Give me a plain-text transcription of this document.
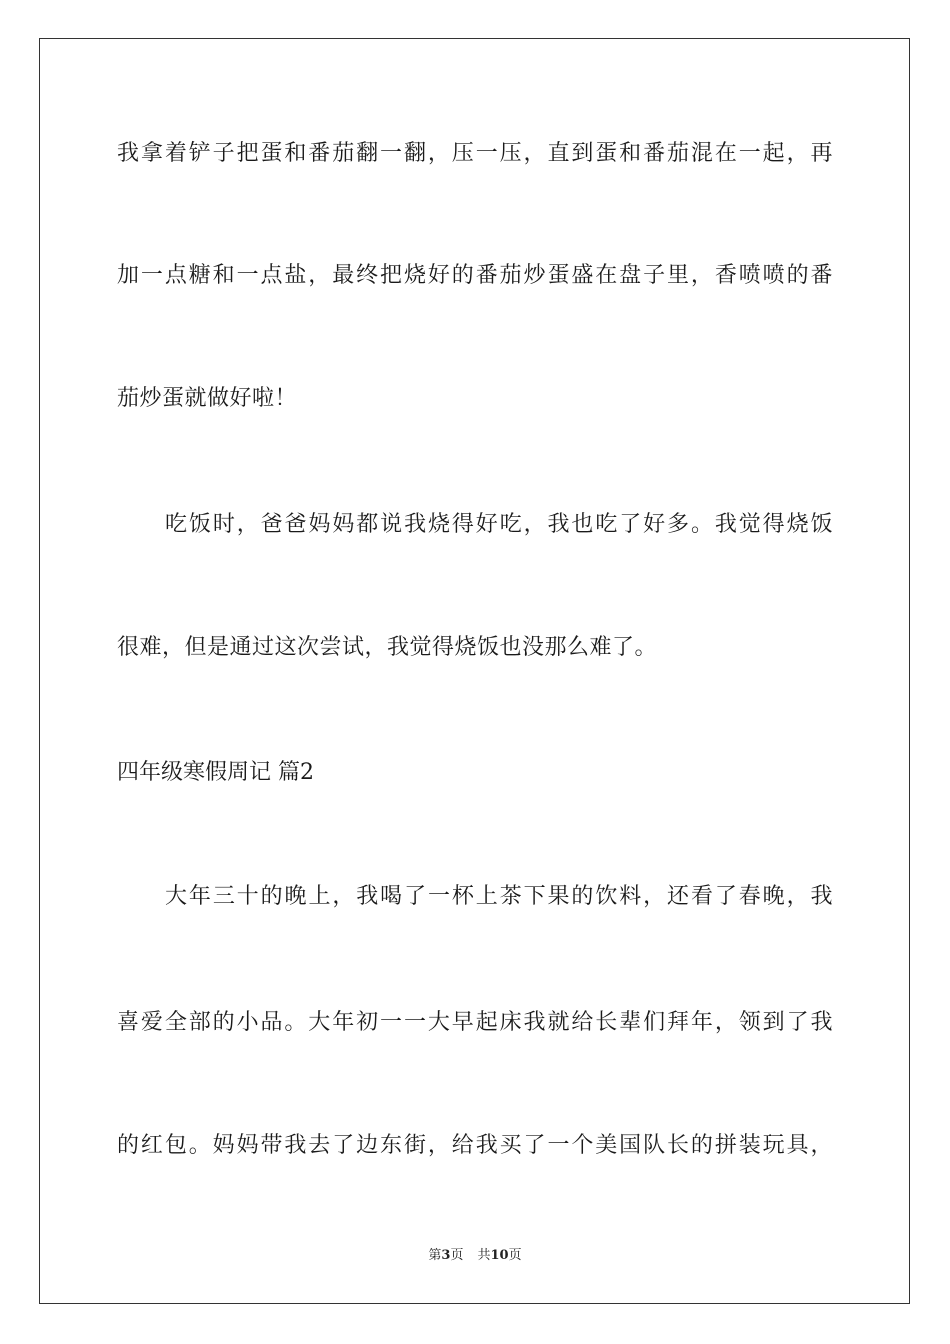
我拿着铲子把蛋和番茄翻一翻，压一压，直到蛋和番茄混在一起，再
加一点糖和一点盐，最终把烧好的番茄炒蛋盛在盘子里，香喷喷的番
茄炒蛋就做好啦！
吃饭时，爸爸妈妈都说我烧得好吃，我也吃了好多。我觉得烧饭
很难，但是通过这次尝试，我觉得烧饭也没那么难了。
四年级寒假周记 篇2
大年三十的晚上，我喝了一杯上茶下果的饮料，还看了春晚，我
喜爱全部的小品。大年初一一大早起床我就给长辈们拜年，领到了我
的红包。妈妈带我去了边东街，给我买了一个美国队长的拼装玩具，
第3页 共10页
